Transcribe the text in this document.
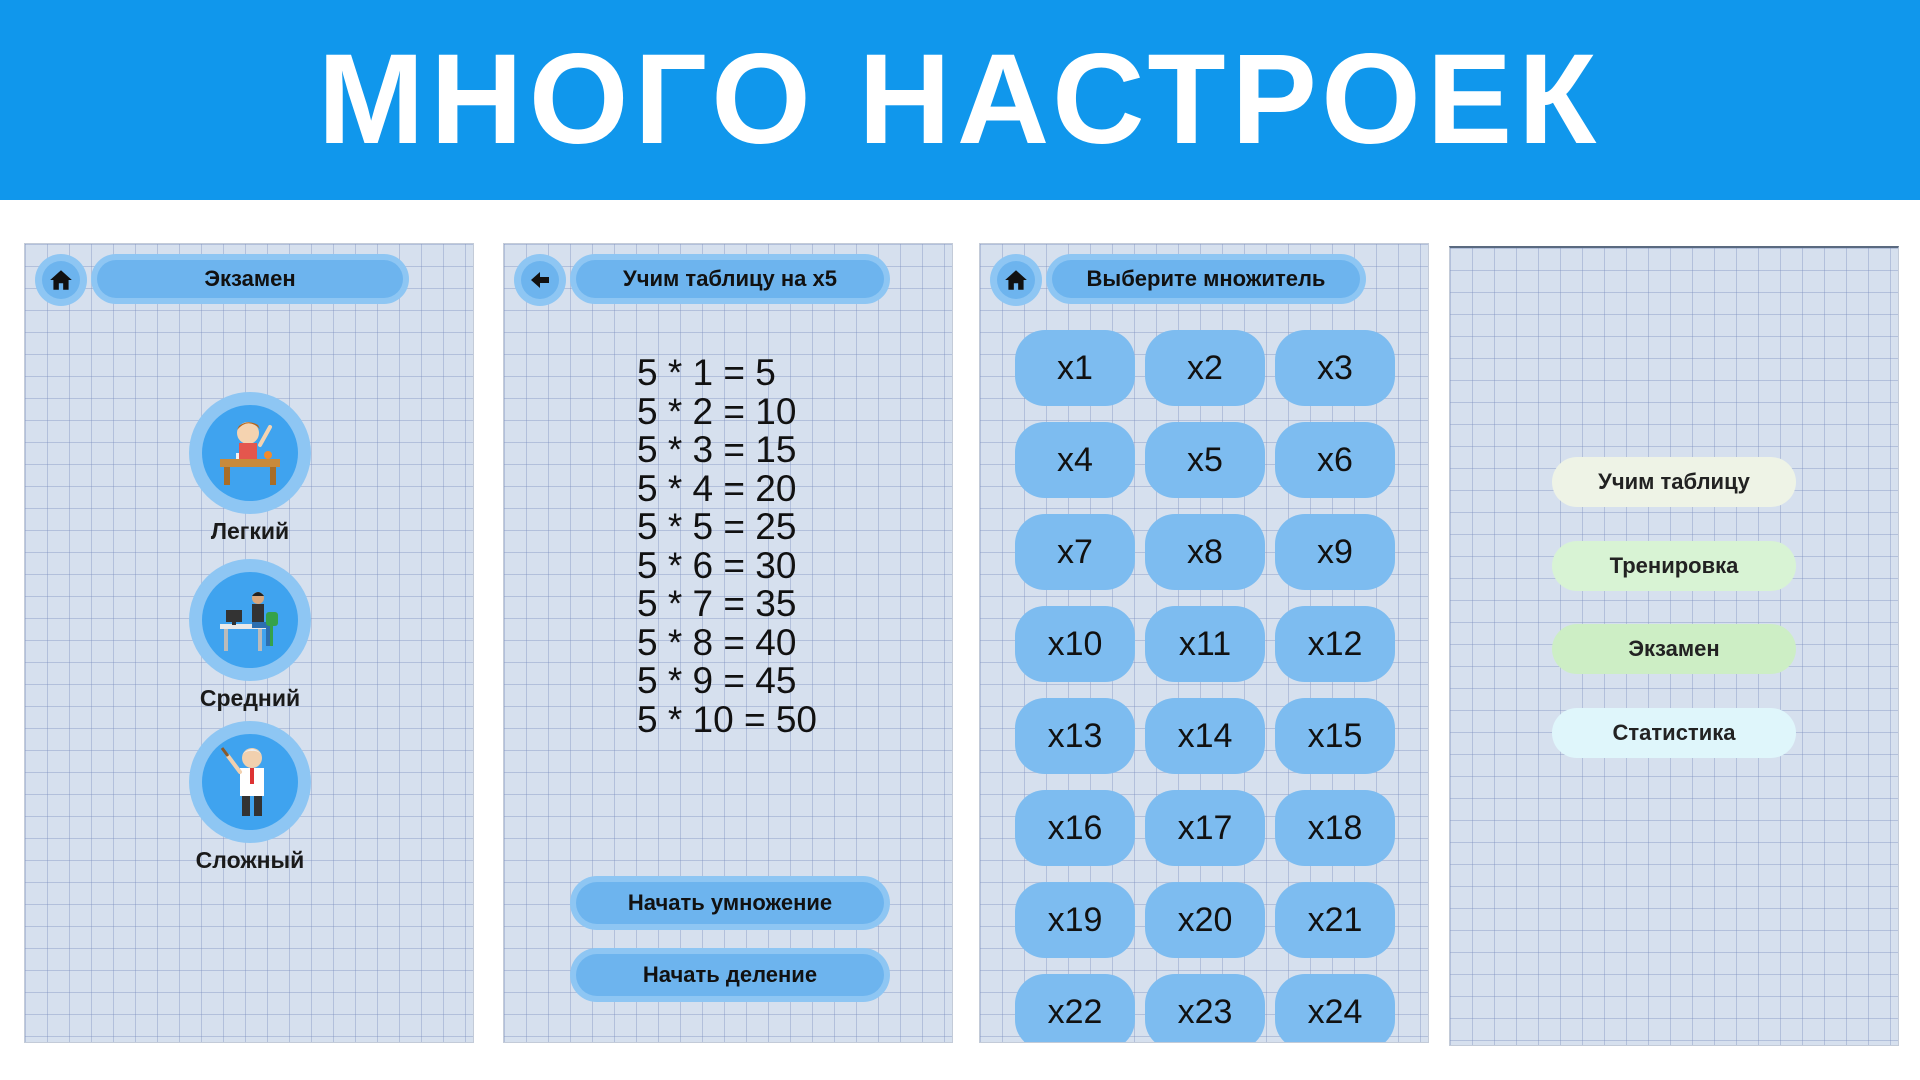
МНОГО НАСТРОЕК
Экзамен
Легкий
Средний
Сложный
Учим таблицу на x5
5 * 1 = 5
5 * 2 = 10
5 * 3 = 15
5 * 4 = 20
5 * 5 = 25
5 * 6 = 30
5 * 7 = 35
5 * 8 = 40
5 * 9 = 45
5 * 10 = 50
Начать умножение
Начать деление
Выберите множитель
x1	x2	x3
x4	x5	x6
x7	x8	x9
x10	x11	x12
x13	x14	x15
x16	x17	x18
x19	x20	x21
x22	x23	x24
Учим таблицу
Тренировка
Экзамен
Статистика
